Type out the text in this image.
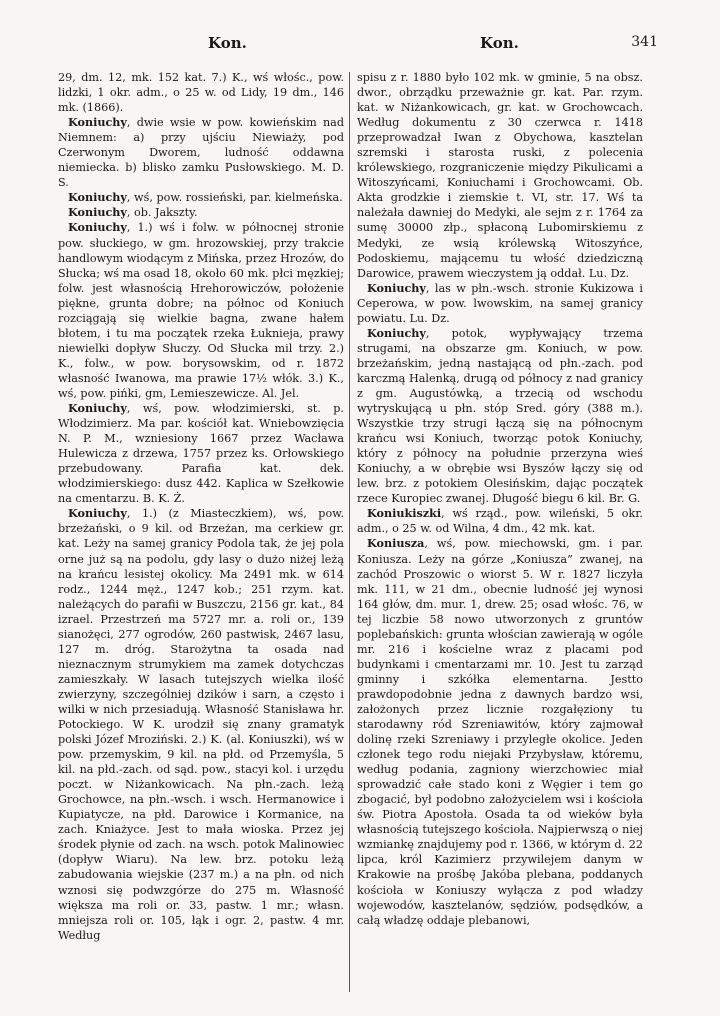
Kon.	Kon.	341

29, dm. 12, mk. 152 kat. 7.) K., wś włośc., pow. lidzki, 1 okr. adm., o 25 w. od Lidy, 19 dm., 146 mk. (1866).

Koniuchy, dwie wsie w pow. kowieńskim nad Niemnem: a) przy ujściu Niewiaży, pod Czerwonym Dworem, ludność oddawna niemiecka. b) blisko zamku Pusłowskiego. M. D. S.

Koniuchy, wś, pow. rossieński, par. kielmeńska.

Koniuchy, ob. Jakszty.

Koniuchy, 1.) wś i folw. w północnej stronie pow. słuckiego, w gm. hrozowskiej, przy trakcie handlowym wiodącym z Mińska, przez Hrozów, do Słucka; wś ma osad 18, około 60 mk. płci męzkiej; folw. jest własnością Hrehorowiczów, położenie piękne, grunta dobre; na północ od Koniuch rozciągają się wielkie bagna, zwane hałem błotem, i tu ma początek rzeka Łuknieja, prawy niewielki dopływ Słuczy. Od Słucka mil trzy. 2.) K., folw., w pow. borysowskim, od r. 1872 własność Iwanowa, ma prawie 17½ włók. 3.) K., wś, pow. pińki, gm, Lemieszewicze. Al. Jel.

Koniuchy, wś, pow. włodzimierski, st. p. Włodzimierz. Ma par. kościół kat. Wniebowzięcia N. P. M., wzniesiony 1667 przez Wacława Hulewicza z drzewa, 1757 przez ks. Orłowskiego przebudowany. Parafia kat. dek. włodzimierskiego: dusz 442. Kaplica w Szełkowie na cmentarzu. B. K. Ż.

Koniuchy, 1.) (z Miasteczkiem), wś, pow. brzeżański, o 9 kil. od Brzeżan, ma cerkiew gr. kat. Leży na samej granicy Podola tak, że jej pola orne już są na podolu, gdy lasy o dużo niżej leżą na krańcu lesistej okolicy. Ma 2491 mk. w 614 rodz., 1244 męż., 1247 kob.; 251 rzym. kat. należących do parafii w Buszczu, 2156 gr. kat., 84 izrael. Przestrzeń ma 5727 mr. a. roli or., 139 sianożęci, 277 ogrodów, 260 pastwisk, 2467 lasu, 127 m. dróg. Starożytna ta osada nad nieznacznym strumykiem ma zamek dotychczas zamieszkały. W lasach tutejszych wielka ilość zwierzyny, szczególniej dzików i sarn, a często i wilki w nich przesiadują. Własność Stanisława hr. Potockiego. W K. urodził się znany gramatyk polski Józef Mroziński. 2.) K. (al. Koniuszki), wś w pow. przemyskim, 9 kil. na płd. od Przemyśla, 5 kil. na płd.-zach. od sąd. pow., stacyi kol. i urzędu poczt. w Niżankowicach. Na płn.-zach. leżą Grochowce, na płn.-wsch. i wsch. Hermanowice i Kupiatycze, na płd. Darowice i Kormanice, na zach. Kniażyce. Jest to mała wioska. Przez jej środek płynie od zach. na wsch. potok Malinowiec (dopływ Wiaru). Na lew. brz. potoku leżą zabudowania wiejskie (237 m.) a na płn. od nich wznosi się podwzgórze do 275 m. Własność większa ma roli or. 33, pastw. 1 mr.; własn. mniejsza roli or. 105, łąk i ogr. 2, pastw. 4 mr. Według

spisu z r. 1880 było 102 mk. w gminie, 5 na obsz. dwor., obrządku przeważnie gr. kat. Par. rzym. kat. w Niżankowicach, gr. kat. w Grochowcach. Według dokumentu z 30 czerwca r. 1418 przeprowadzał Iwan z Obychowa, kasztelan szremski i starosta ruski, z polecenia królewskiego, rozgraniczenie między Pikulicami a Witoszyńcami, Koniuchami i Grochowcami. Ob. Akta grodzkie i ziemskie t. VI, str. 17. Wś ta należała dawniej do Medyki, ale sejm z r. 1764 za sumę 30000 złp., spłaconą Lubomirskiemu z Medyki, ze wsią królewską Witoszyńce, Podoskiemu, mającemu tu włość dziedziczną Darowice, prawem wieczystem ją oddał. Lu. Dz.

Koniuchy, las w płn.-wsch. stronie Kukizowa i Ceperowa, w pow. lwowskim, na samej granicy powiatu. Lu. Dz.

Koniuchy, potok, wypływający trzema strugami, na obszarze gm. Koniuch, w pow. brzeżańskim, jedną nastającą od płn.-zach. pod karczmą Halenką, drugą od północy z nad granicy z gm. Augustówką, a trzecią od wschodu wytryskującą u płn. stóp Sred. góry (388 m.). Wszystkie trzy strugi łączą się na północnym krańcu wsi Koniuch, tworząc potok Koniuchy, który z północy na południe przerzyna wieś Koniuchy, a w obrębie wsi Byszów łączy się od lew. brz. z potokiem Olesińskim, dając początek rzece Kuropiec zwanej. Długość biegu 6 kil. Br. G.

Koniukiszki, wś rząd., pow. wileński, 5 okr. adm., o 25 w. od Wilna, 4 dm., 42 mk. kat.

Koniusza, wś, pow. miechowski, gm. i par. Koniusza. Leży na górze „Koniusza” zwanej, na zachód Proszowic o wiorst 5. W r. 1827 liczyła mk. 111, w 21 dm., obecnie ludność jej wynosi 164 głów, dm. mur. 1, drew. 25; osad włośc. 76, w tej liczbie 58 nowo utworzonych z gruntów poplebańskich: grunta włościan zawierają w ogóle mr. 216 i kościelne wraz z placami pod budynkami i cmentarzami mr. 10. Jest tu zarząd gminny i szkółka elementarna. Jestto prawdopodobnie jedna z dawnych bardzo wsi, założonych przez licznie rozgałęziony tu starodawny ród Szreniawitów, który zajmował dolinę rzeki Szreniawy i przyległe okolice. Jeden członek tego rodu niejaki Przybysław, któremu, według podania, zagniony wierzchowiec miał sprowadzić całe stado koni z Węgier i tem go zbogacić, był podobno założycielem wsi i kościoła św. Piotra Apostoła. Osada ta od wieków była własnością tutejszego kościoła. Najpierwszą o niej wzmiankę znajdujemy pod r. 1366, w którym d. 22 lipca, król Kazimierz przywilejem danym w Krakowie na prośbę Jakóba plebana, poddanych kościoła w Koniuszy wyłącza z pod władzy wojewodów, kasztelanów, sędziów, podsędków, a całą władzę oddaje plebanowi,
